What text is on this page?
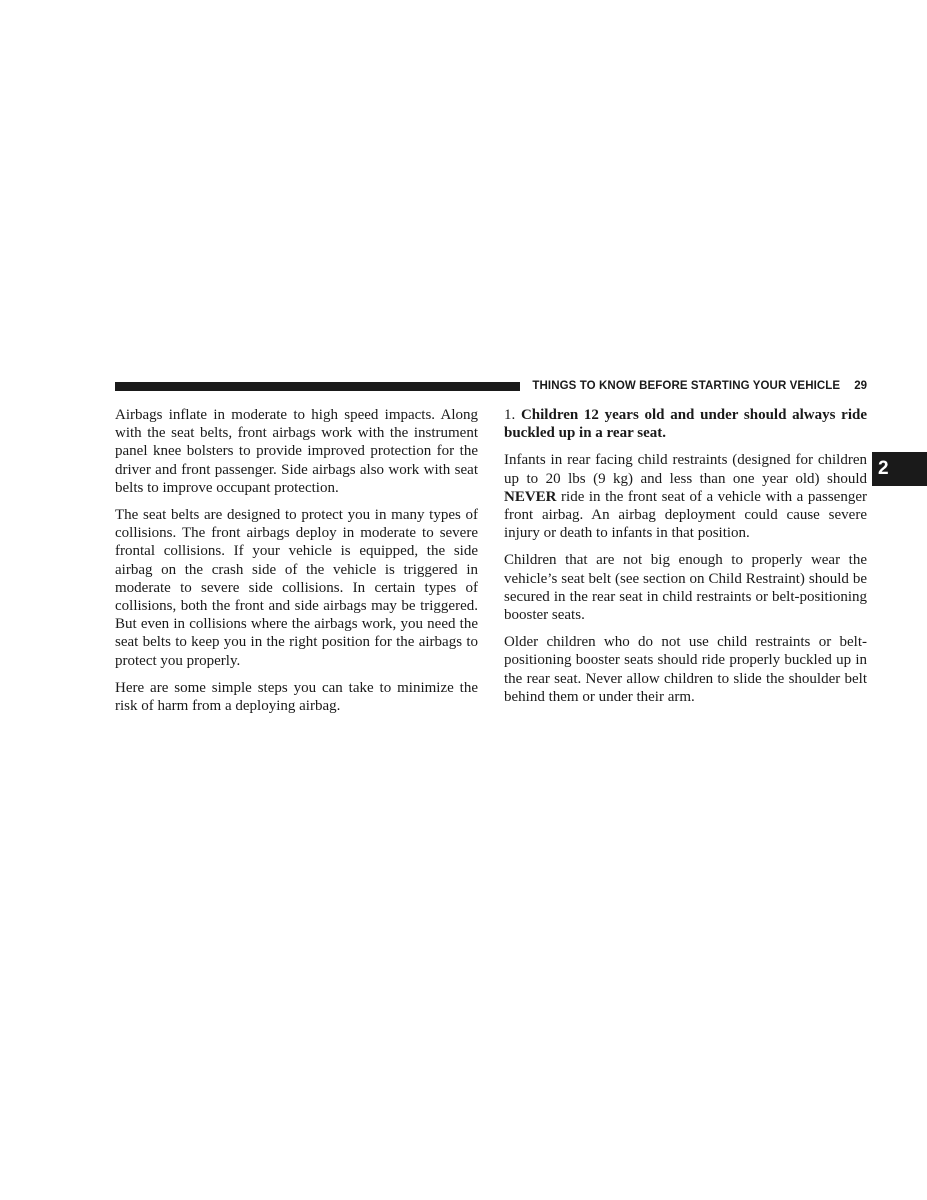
THINGS TO KNOW BEFORE STARTING YOUR VEHICLE 29
2

Airbags inflate in moderate to high speed impacts. Along with the seat belts, front airbags work with the instrument panel knee bolsters to provide improved protection for the driver and front passenger. Side airbags also work with seat belts to improve occupant protection.

The seat belts are designed to protect you in many types of collisions. The front airbags deploy in moderate to severe frontal collisions. If your vehicle is equipped, the side airbag on the crash side of the vehicle is triggered in moderate to severe side collisions. In certain types of collisions, both the front and side airbags may be triggered. But even in collisions where the airbags work, you need the seat belts to keep you in the right position for the airbags to protect you properly.

Here are some simple steps you can take to minimize the risk of harm from a deploying airbag.

1. Children 12 years old and under should always ride buckled up in a rear seat.

Infants in rear facing child restraints (designed for children up to 20 lbs (9 kg) and less than one year old) should NEVER ride in the front seat of a vehicle with a passenger front airbag. An airbag deployment could cause severe injury or death to infants in that position.

Children that are not big enough to properly wear the vehicle’s seat belt (see section on Child Restraint) should be secured in the rear seat in child restraints or belt-positioning booster seats.

Older children who do not use child restraints or belt-positioning booster seats should ride properly buckled up in the rear seat. Never allow children to slide the shoulder belt behind them or under their arm.
